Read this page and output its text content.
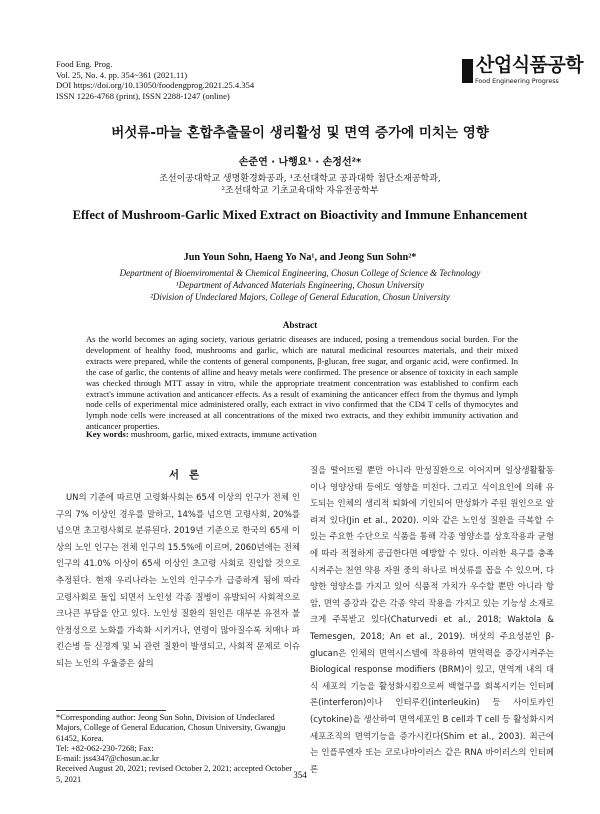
Food Eng. Prog.
Vol. 25, No. 4. pp. 354~361 (2021.11)
DOI https://doi.org/10.13050/foodengprog.2021.25.4.354
ISSN 1226-4768 (print), ISSN 2288-1247 (online)
산업식품공학
Food Engineering Progress
버섯류-마늘 혼합추출물이 생리활성 및 면역 증가에 미치는 영향
손준연 · 나행요¹ · 손정선²*
조선이공대학교 생명환경화공과, ¹조선대학교 공과대학 첨단소재공학과,
²조선대학교 기초교육대학 자유전공학부
Effect of Mushroom-Garlic Mixed Extract on Bioactivity and Immune Enhancement
Jun Youn Sohn, Haeng Yo Na¹, and Jeong Sun Sohn²*
Department of Bioenviromental & Chemical Engineering, Chosun College of Science & Technology
¹Department of Advanced Materials Engineering, Chosun University
²Division of Undeclared Majors, College of General Education, Chosun University
Abstract
As the world becomes an aging society, various geriatric diseases are induced, posing a tremendous social burden. For the development of healthy food, mushrooms and garlic, which are natural medicinal resources materials, and their mixed extracts were prepared, while the contents of general components, β-glucan, free sugar, and organic acid, were confirmed. In the case of garlic, the contents of alline and heavy metals were confirmed. The presence or absence of toxicity in each sample was checked through MTT assay in vitro, while the appropriate treatment concentration was established to confirm each extract's immune activation and anticancer effects. As a result of examining the anticancer effect from the thymus and lymph node cells of experimental mice administered orally, each extract in vivo confirmed that the CD4 T cells of thymocytes and lymph node cells were increased at all concentrations of the mixed two extracts, and they exhibit immunity activation and anticancer properties.
Key words: mushroom, garlic, mixed extracts, immune activation
서론
UN의 기준에 따르면 고령화사회는 65세 이상의 인구가 전체 인구의 7% 이상인 경우를 말하고, 14%를 넘으면 고령사회, 20%를 넘으면 초고령사회로 분류된다. 2019년 기준으로 한국의 65세 이상의 노인 인구는 전체 인구의 15.5%에 이르며, 2060년에는 전체 인구의 41.0% 이상이 65세 이상인 초고령 사회로 진입할 것으로 추정된다. 현재 우리나라는 노인의 인구수가 급증하게 됨에 따라 고령사회로 돌입 되면서 노인성 각종 질병이 유발되어 사회적으로 크나큰 부담을 안고 있다. 노인성 질환의 원인은 대부분 유전자 불안정성으로 노화를 가속화 시키거나, 연령이 많아질수록 치매나 파킨슨병 등 신경계 및 뇌 관련 질환이 발생되고, 사회적 문제로 이슈되는 노인의 우울증은 삶의
질을 떨어뜨릴 뿐만 아니라 만성질환으로 이어지며 일상생활활동이나 영양상태 등에도 영향을 미친다. 그리고 식이요인에 의해 유도되는 인체의 생리적 퇴화에 기인되어 만성화가 주된 원인으로 알려져 있다(Jin et al., 2020). 이와 같은 노인성 질환을 극복할 수 있는 주요한 수단으로 식품을 통해 각종 영양소를 상호작용과 균형에 따라 적절하게 공급한다면 예방할 수 있다. 이러한 욕구를 충족시켜주는 천연 약용 자원 중의 하나로 버섯류를 꼽을 수 있으며, 다양한 영양소를 가지고 있어 식품적 가치가 우수할 뿐만 아니라 항암, 면역 증강과 같은 각종 약리 작용을 가지고 있는 기능성 소재로 크게 주목받고 있다(Chaturvedi et al., 2018; Waktola & Temesgen, 2018; An et al., 2019). 버섯의 주요성분인 β-glucan은 인체의 면역시스템에 작용하여 면역력을 증강시켜주는 Biological response modifiers (BRM)이 있고, 면역계 내의 대식 세포의 기능을 활성화시킴으로써 백혈구를 회복시키는 인터페론(interferon)이나 인터루킨(interleukin) 등 사이토카인(cytokine)을 생산하여 면역세포인 B cell과 T cell 등 활성화시켜 세포조직의 면역기능을 증가시킨다(Shim et al., 2003). 최근에는 인플루엔자 또는 코로나바이러스 같은 RNA 바이러스의 인터페론
*Corresponding author: Jeong Sun Sohn, Division of Undeclared Majors, College of General Education, Chosun University, Gwangju 61452, Korea.
Tel: +82-062-230-7268; Fax:
E-mail: jss4347@chosun.ac.kr
Received August 20, 2021; revised October 2, 2021; accepted October 5, 2021	354
